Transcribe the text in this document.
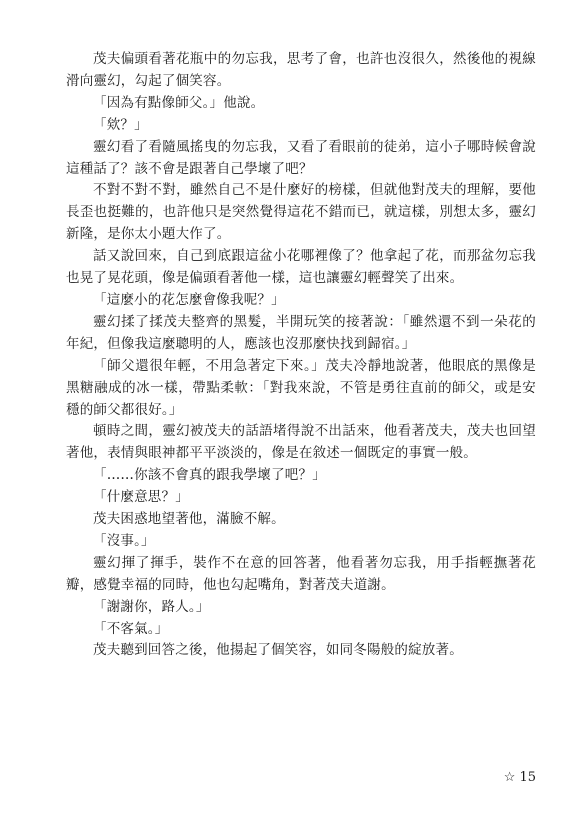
茂夫偏頭看著花瓶中的勿忘我，思考了會，也許也沒很久，然後他的視線滑向靈幻，勾起了個笑容。

「因為有點像師父。」他說。

「欸？」

靈幻看了看隨風搖曳的勿忘我，又看了看眼前的徒弟，這小子哪時候會說這種話了？該不會是跟著自己學壞了吧？

不對不對不對，雖然自己不是什麼好的榜樣，但就他對茂夫的理解，要他長歪也挺難的，也許他只是突然覺得這花不錯而已，就這樣，別想太多，靈幻新隆，是你太小題大作了。

話又說回來，自己到底跟這盆小花哪裡像了？他拿起了花，而那盆勿忘我也晃了晃花頭，像是偏頭看著他一樣，這也讓靈幻輕聲笑了出來。

「這麼小的花怎麼會像我呢？」

靈幻揉了揉茂夫整齊的黑髮，半開玩笑的接著說：「雖然還不到一朵花的年紀，但像我這麼聰明的人，應該也沒那麼快找到歸宿。」

「師父還很年輕，不用急著定下來。」茂夫冷靜地說著，他眼底的黑像是黑糖融成的冰一樣，帶點柔軟：「對我來說，不管是勇往直前的師父，或是安穩的師父都很好。」

頓時之間，靈幻被茂夫的話語堵得說不出話來，他看著茂夫，茂夫也回望著他，表情與眼神都平平淡淡的，像是在敘述一個既定的事實一般。

「……你該不會真的跟我學壞了吧？」

「什麼意思？」

茂夫困惑地望著他，滿臉不解。

「沒事。」

靈幻揮了揮手，裝作不在意的回答著，他看著勿忘我，用手指輕撫著花瓣，感覺幸福的同時，他也勾起嘴角，對著茂夫道謝。

「謝謝你，路人。」

「不客氣。」

茂夫聽到回答之後，他揚起了個笑容，如同冬陽般的綻放著。

☆ 15
